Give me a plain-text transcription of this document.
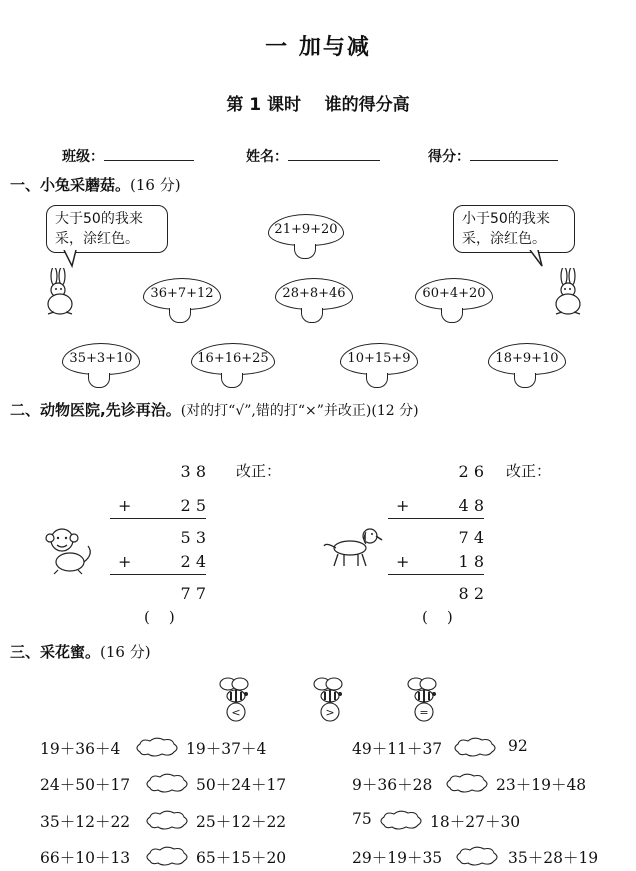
一 加与减
第 1 课时 谁的得分高
班级：	姓名：	得分：
一、小兔采蘑菇。(16 分)
大于50的我来
采，涂红色。
小于50的我来
采，涂红色。
21+9+20
36+7+12	28+8+46	60+4+20
35+3+10	16+16+25	10+15+9	18+9+10
二、动物医院,先诊再治。(对的打“√”,错的打“×”并改正)(12 分)
3 8
+	2 5
5 3
+	2 4
7 7
(    )
改正：	2 6
+	4 8
7 4
+	1 8
8 2
(    )
改正：
三、采花蜜。(16 分)
<	>	=
19＋36＋4	19＋37＋4
24＋50＋17	50＋24＋17
35＋12＋22	25＋12＋22
66＋10＋13	65＋15＋20
49＋11＋37	92
9＋36＋28	23＋19＋48
75	18＋27＋30
29＋19＋35	35＋28＋19
